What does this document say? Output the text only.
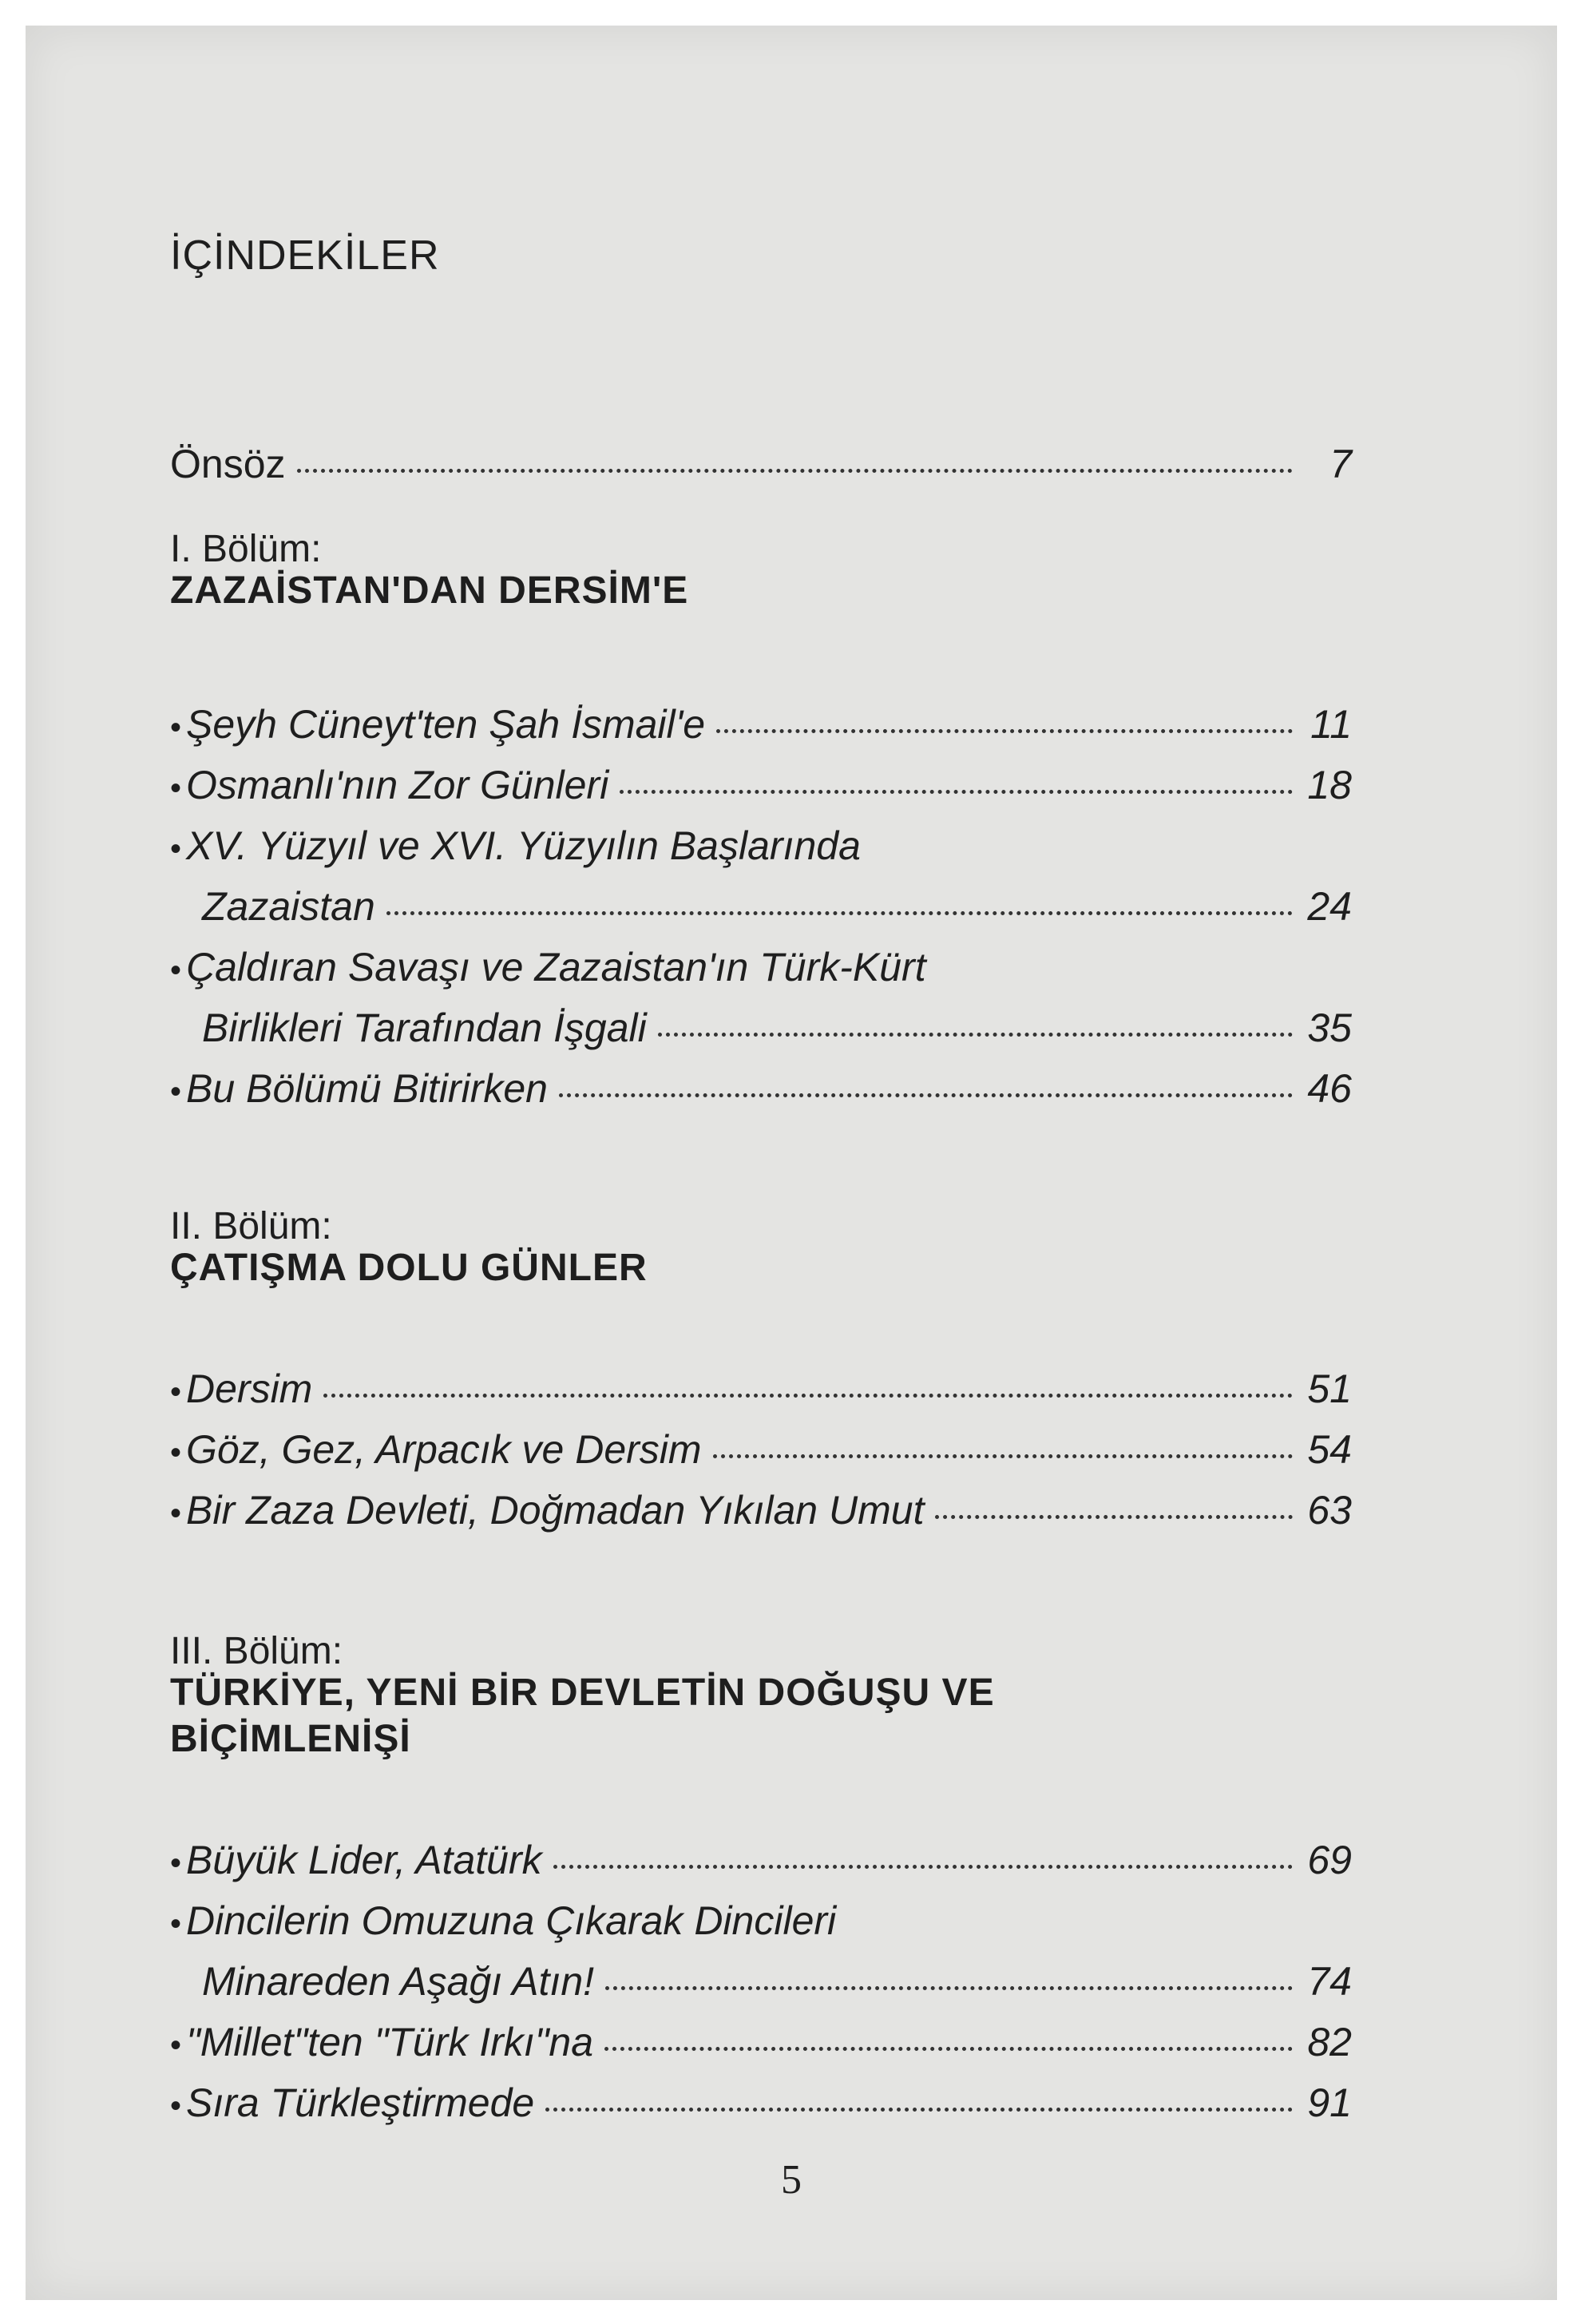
İÇİNDEKİLER
Önsöz	7
I. Bölüm:
ZAZAİSTAN'DAN DERSİM'E
• Şeyh Cüneyt'ten Şah İsmail'e	11
• Osmanlı'nın Zor Günleri	18
• XV. Yüzyıl ve XVI. Yüzyılın Başlarında
Zazaistan	24
• Çaldıran Savaşı ve Zazaistan'ın Türk-Kürt
Birlikleri Tarafından İşgali	35
• Bu Bölümü Bitirirken	46
II. Bölüm:
ÇATIŞMA DOLU GÜNLER
• Dersim	51
• Göz, Gez, Arpacık ve Dersim	54
• Bir Zaza Devleti, Doğmadan Yıkılan Umut	63
III. Bölüm:
TÜRKİYE, YENİ BİR DEVLETİN DOĞUŞU VE
BİÇİMLENİŞİ
• Büyük Lider, Atatürk	69
• Dincilerin Omuzuna Çıkarak Dincileri
Minareden Aşağı Atın!	74
• "Millet"ten "Türk Irkı"na	82
• Sıra Türkleştirmede	91
5
